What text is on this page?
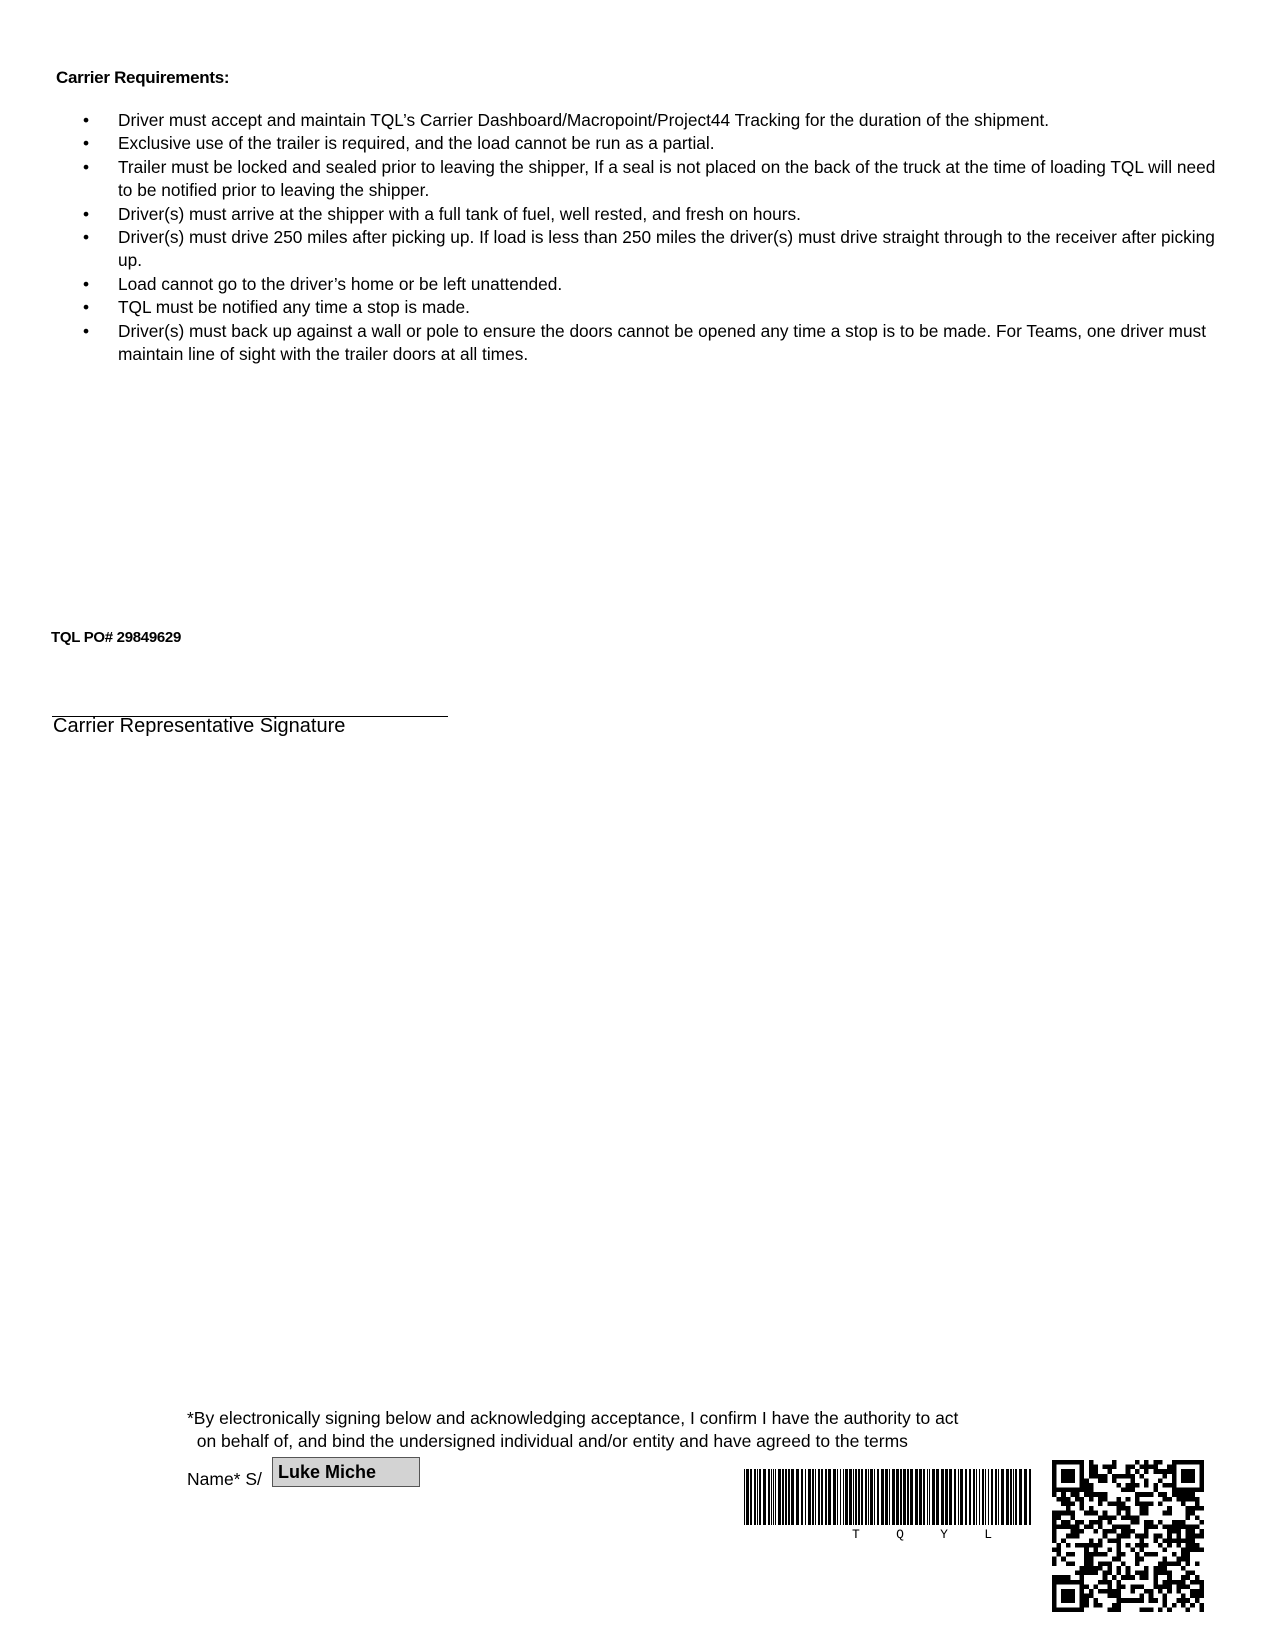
Carrier Requirements:
• Driver must accept and maintain TQL’s Carrier Dashboard/Macropoint/Project44 Tracking for the duration of the shipment.
• Exclusive use of the trailer is required, and the load cannot be run as a partial.
• Trailer must be locked and sealed prior to leaving the shipper, If a seal is not placed on the back of the truck at the time of loading TQL will need to be notified prior to leaving the shipper.
• Driver(s) must arrive at the shipper with a full tank of fuel, well rested, and fresh on hours.
• Driver(s) must drive 250 miles after picking up. If load is less than 250 miles the driver(s) must drive straight through to the receiver after picking up.
• Load cannot go to the driver’s home or be left unattended.
• TQL must be notified any time a stop is made.
• Driver(s) must back up against a wall or pole to ensure the doors cannot be opened any time a stop is to be made. For Teams, one driver must maintain line of sight with the trailer doors at all times.
TQL PO# 29849629
Carrier Representative Signature
*By electronically signing below and acknowledging acceptance, I confirm I have the authority to act
on behalf of, and bind the undersigned individual and/or entity and have agreed to the terms
Name* S/ Luke Miche
T	Q	Y	L
